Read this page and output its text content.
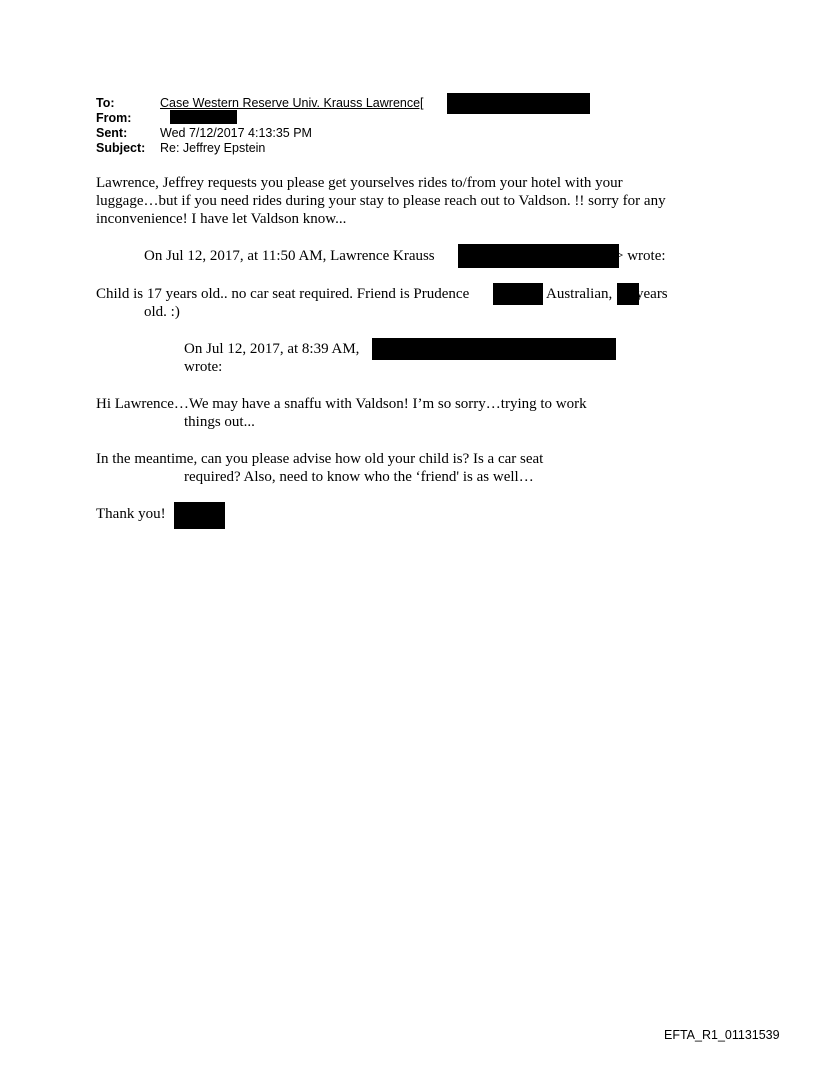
To:	Case Western Reserve Univ. Krauss Lawrence[
From:
Sent:	Wed 7/12/2017 4:13:35 PM
Subject: Re: Jeffrey Epstein
Lawrence, Jeffrey requests you please get yourselves rides to/from your hotel with your
luggage…but if you need rides during your stay to please reach out to Valdson. !! sorry for any
inconvenience! I have let Valdson know...
On Jul 12, 2017, at 11:50 AM, Lawrence Krauss	> wrote:
Child is 17 years old.. no car seat required. Friend is Prudence	Australian, years
old. :)
On Jul 12, 2017, at 8:39 AM,
wrote:
Hi Lawrence…We may have a snaffu with Valdson! I’m so sorry…trying to work
things out...
In the meantime, can you please advise how old your child is? Is a car seat
required? Also, need to know who the ‘friend' is as well…
Thank you!
EFTA_R1_01131539
